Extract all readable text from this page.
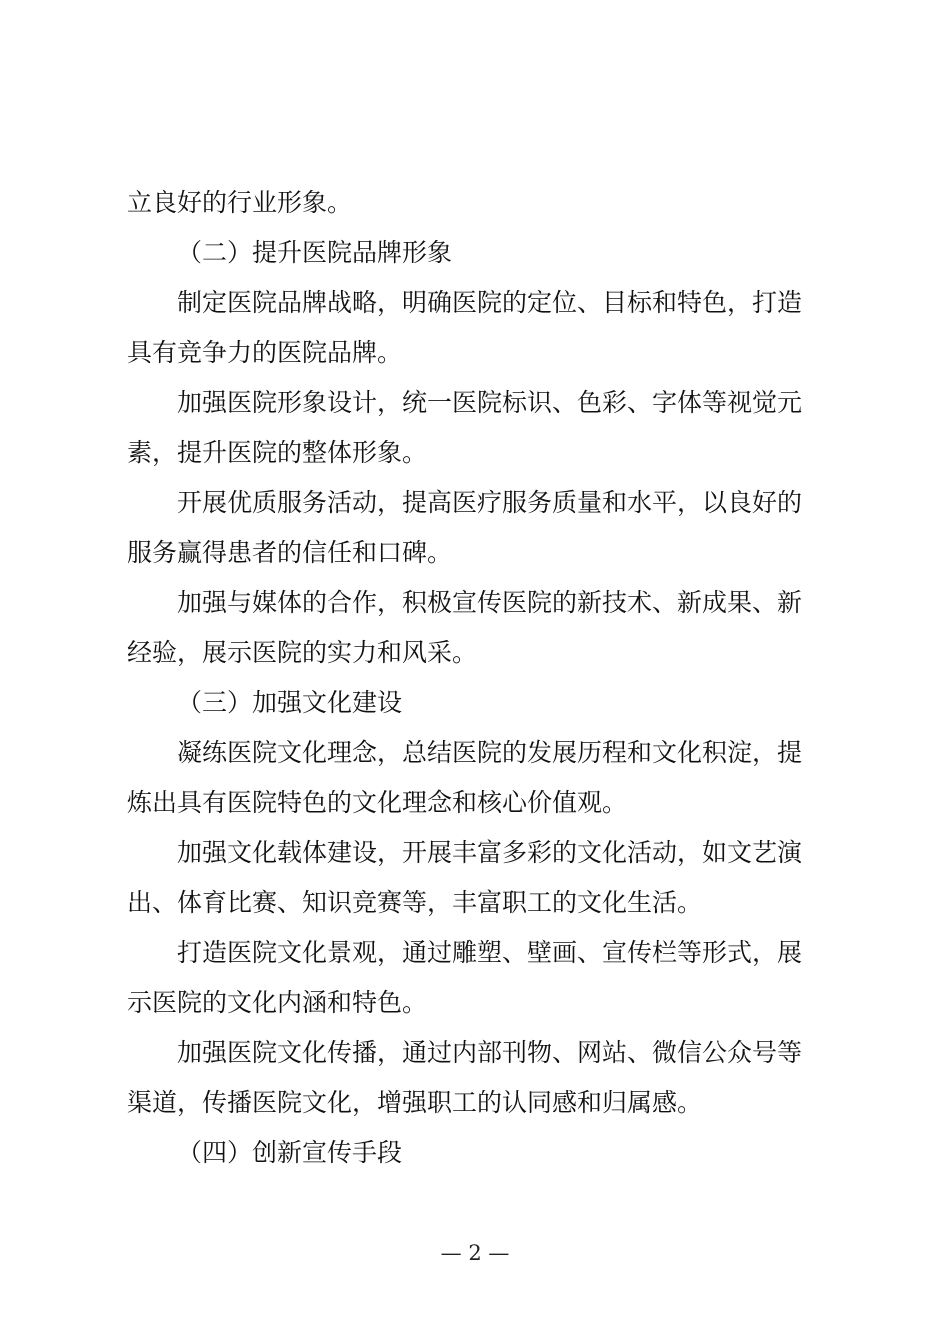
立良好的行业形象。
（二）提升医院品牌形象
制定医院品牌战略，明确医院的定位、目标和特色，打造
具有竞争力的医院品牌。
加强医院形象设计，统一医院标识、色彩、字体等视觉元
素，提升医院的整体形象。
开展优质服务活动，提高医疗服务质量和水平，以良好的
服务赢得患者的信任和口碑。
加强与媒体的合作，积极宣传医院的新技术、新成果、新
经验，展示医院的实力和风采。
（三）加强文化建设
凝练医院文化理念，总结医院的发展历程和文化积淀，提
炼出具有医院特色的文化理念和核心价值观。
加强文化载体建设，开展丰富多彩的文化活动，如文艺演
出、体育比赛、知识竞赛等，丰富职工的文化生活。
打造医院文化景观，通过雕塑、壁画、宣传栏等形式，展
示医院的文化内涵和特色。
加强医院文化传播，通过内部刊物、网站、微信公众号等
渠道，传播医院文化，增强职工的认同感和归属感。
（四）创新宣传手段
— 2 —
